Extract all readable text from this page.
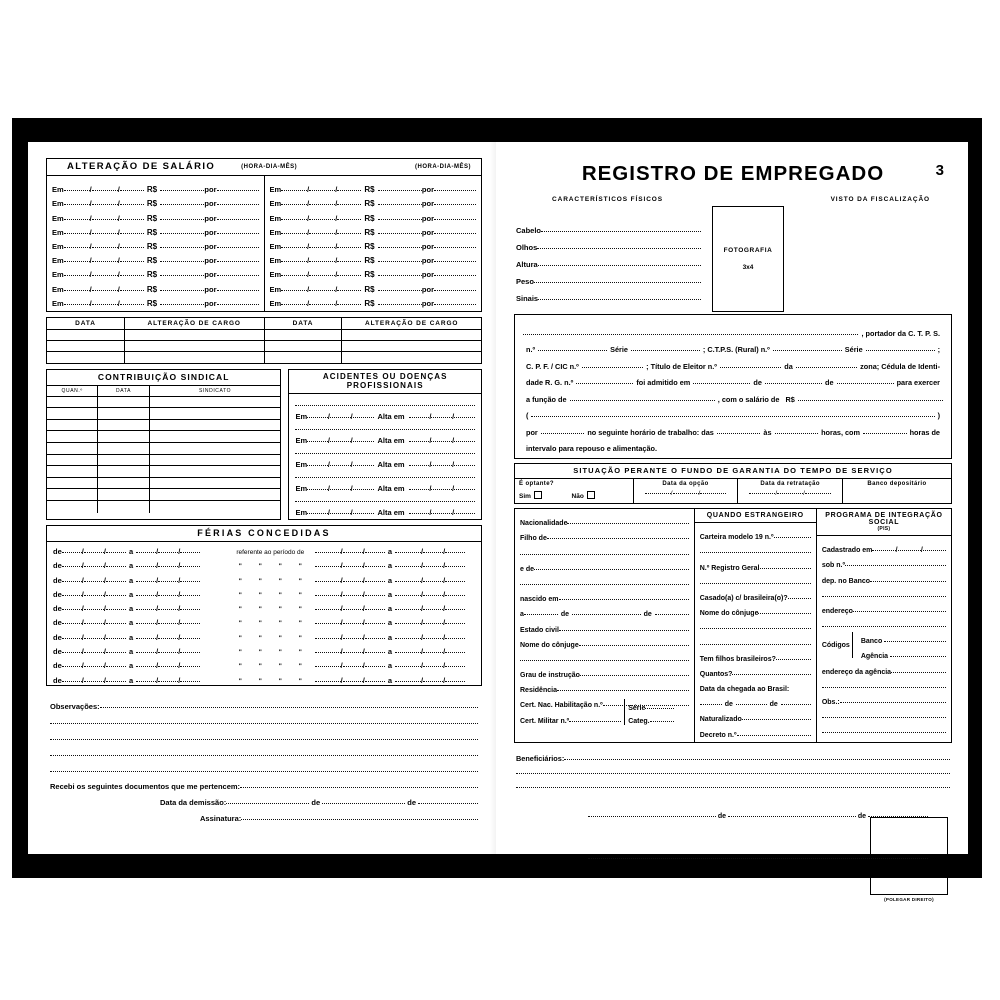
ALTERAÇÃO DE SALÁRIO	(HORA-DIA-MÊS)	(HORA-DIA-MÊS)
Em	/	/	R$	por
Em	/	/	R$	por
Em	/	/	R$	por
Em	/	/	R$	por
Em	/	/	R$	por
Em	/	/	R$	por
Em	/	/	R$	por
Em	/	/	R$	por
Em	/	/	R$	por
Em	/	/	R$	por
Em	/	/	R$	por
Em	/	/	R$	por
Em	/	/	R$	por
Em	/	/	R$	por
Em	/	/	R$	por
Em	/	/	R$	por
Em	/	/	R$	por
Em	/	/	R$	por
DATA	ALTERAÇÃO DE CARGO	DATA	ALTERAÇÃO DE CARGO
CONTRIBUIÇÃO SINDICAL
QUAN.º	DATA	SINDICATO
ACIDENTES OU DOENÇAS PROFISSIONAIS
Em	/	/	Alta em	/	/
Em	/	/	Alta em	/	/
Em	/	/	Alta em	/	/
Em	/	/	Alta em	/	/
Em	/	/	Alta em	/	/
FÉRIAS CONCEDIDAS
de	/	/	a	/	/	referente ao período de	/	/	a	/	/
de	/	/	a	/	/	"	"	"	"	/	/	a	/	/
de	/	/	a	/	/	"	"	"	"	/	/	a	/	/
de	/	/	a	/	/	"	"	"	"	/	/	a	/	/
de	/	/	a	/	/	"	"	"	"	/	/	a	/	/
de	/	/	a	/	/	"	"	"	"	/	/	a	/	/
de	/	/	a	/	/	"	"	"	"	/	/	a	/	/
de	/	/	a	/	/	"	"	"	"	/	/	a	/	/
de	/	/	a	/	/	"	"	"	"	/	/	a	/	/
de	/	/	a	/	/	"	"	"	"	/	/	a	/	/
Observações:
Recebi os seguintes documentos que me pertencem:
Data da demissão:	de	de
Assinatura:
REGISTRO DE EMPREGADO	3
CARACTERÍSTICOS FÍSICOS	VISTO DA FISCALIZAÇÃO
Cabelo
Olhos
Altura
Peso
Sinais
FOTOGRAFIA
3x4
, portador da C. T. P. S.
n.º	Série	; C.T.P.S. (Rural) n.º	Série	;
C. P. F. / CIC n.º	; Título de Eleitor n.º	da	zona; Cédula de Identi-
dade R. G. n.º	foi admitido em	de	de	para exercer
a função de	, com o salário de R$
(	)
por	no seguinte horário de trabalho: das	às	horas, com	horas de
intervalo para repouso e alimentação.
SITUAÇÃO PERANTE O FUNDO DE GARANTIA DO TEMPO DE SERVIÇO
É optante?
Sim	Não
Data da opção
/	/
Data da retratação
/	/
Banco depositário
Nacionalidade
Filho de
e de
nascido em
a	de	de
Estado civil
Nome do cônjuge
Grau de instrução
Residência
Cert. Nac. Habilitação n.º
Cert. Militar n.º
Série
Categ.
QUANDO ESTRANGEIRO
Carteira modelo 19 n.º
N.º Registro Geral
Casado(a) c/ brasileira(o)?
Nome do cônjuge
Tem filhos brasileiros?
Quantos?
Data da chegada ao Brasil:
de	de
Naturalizado
Decreto n.º
PROGRAMA DE INTEGRAÇÃO SOCIAL
(PIS)
Cadastrado em	/	/
sob n.º
dep. no Banco
endereço
Códigos Banco
Agência
endereço da agência
Obs.:
Beneficiários:
de	de
ASSINATURA DO EMPREGADO
(POLEGAR DIREITO)
